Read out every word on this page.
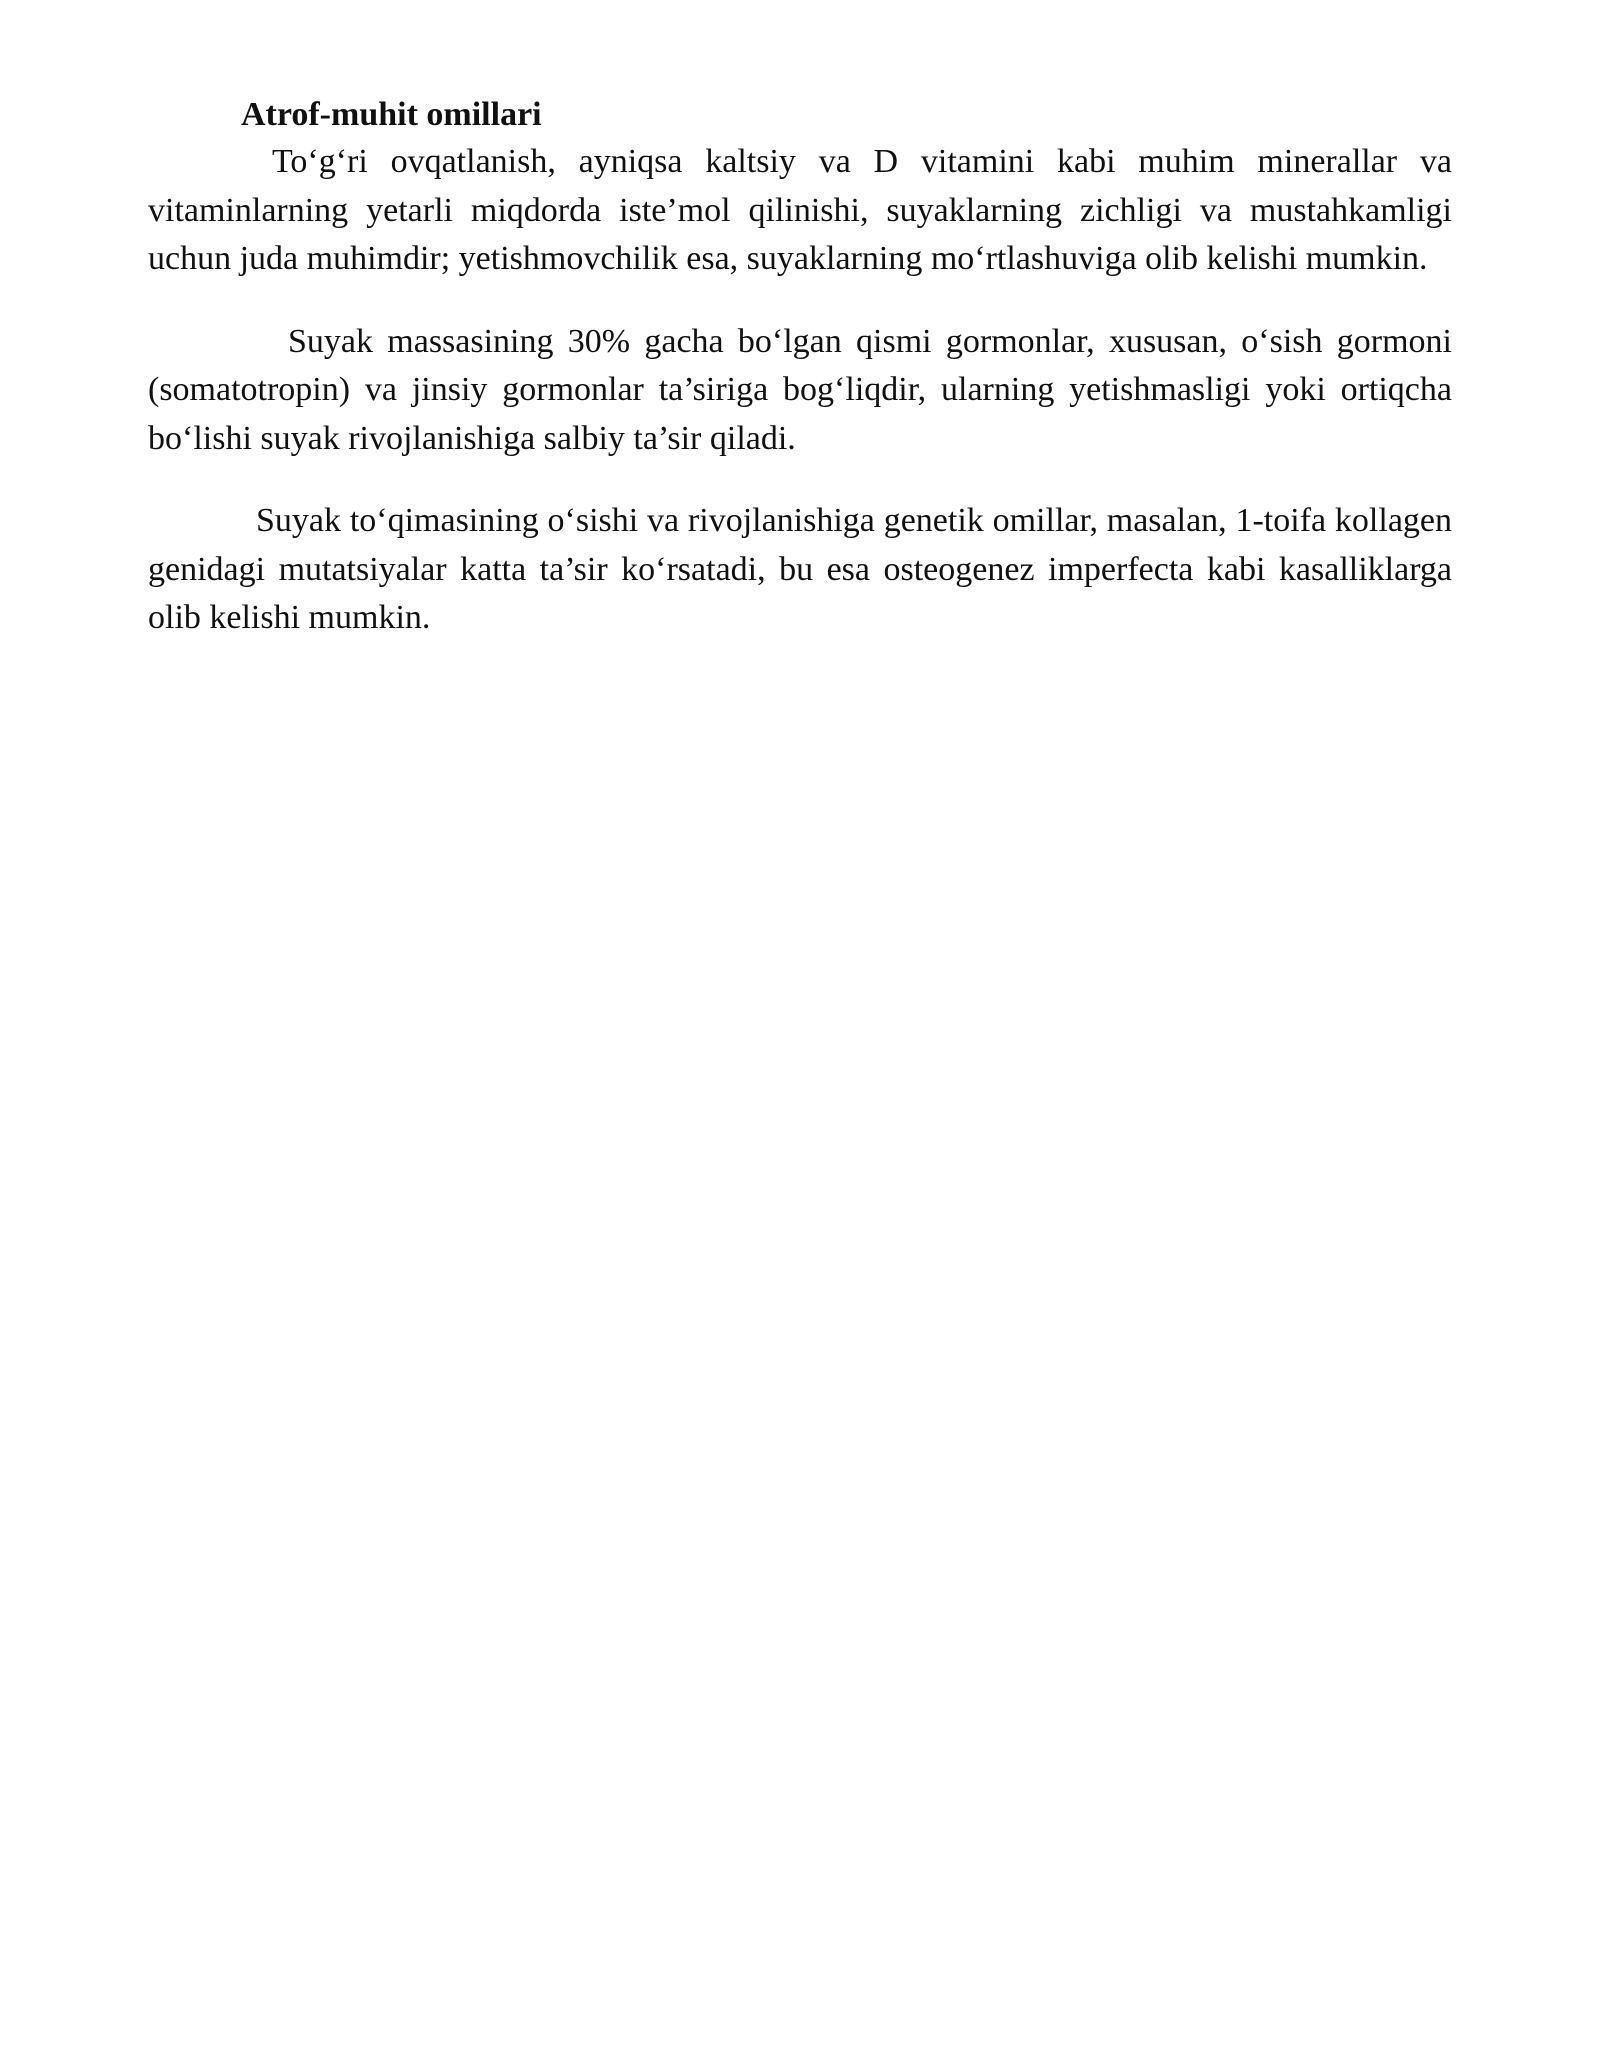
Atrof-muhit omillari

To‘g‘ri ovqatlanish, ayniqsa kaltsiy va D vitamini kabi muhim minerallar va vitaminlarning yetarli miqdorda iste’mol qilinishi, suyaklarning zichligi va mustahkamligi uchun juda muhimdir; yetishmovchilik esa, suyaklarning mo‘rtlashuviga olib kelishi mumkin.

Suyak massasining 30% gacha bo‘lgan qismi gormonlar, xususan, o‘sish gormoni (somatotropin) va jinsiy gormonlar ta’siriga bog‘liqdir, ularning yetishmasligi yoki ortiqcha bo‘lishi suyak rivojlanishiga salbiy ta’sir qiladi.

Suyak to‘qimasining o‘sishi va rivojlanishiga genetik omillar, masalan, 1-toifa kollagen genidagi mutatsiyalar katta ta’sir ko‘rsatadi, bu esa osteogenez imperfecta kabi kasalliklarga olib kelishi mumkin.
